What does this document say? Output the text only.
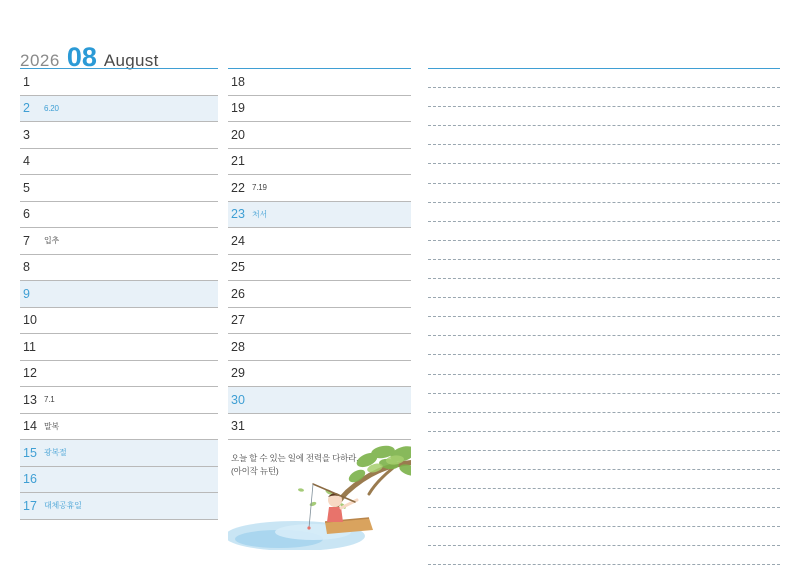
2026 08 August
1
2	6.20
3
4
5
6
7	입추
8
9
10
11
12
13 7.1
14 말복
15 광복절
16
17 대체공휴일
18
19
20
21
22 7.19
23 처서
24
25
26
27
28
29
30
31
오늘 할 수 있는 일에 전력을 다하라.
(아이작 뉴턴)
